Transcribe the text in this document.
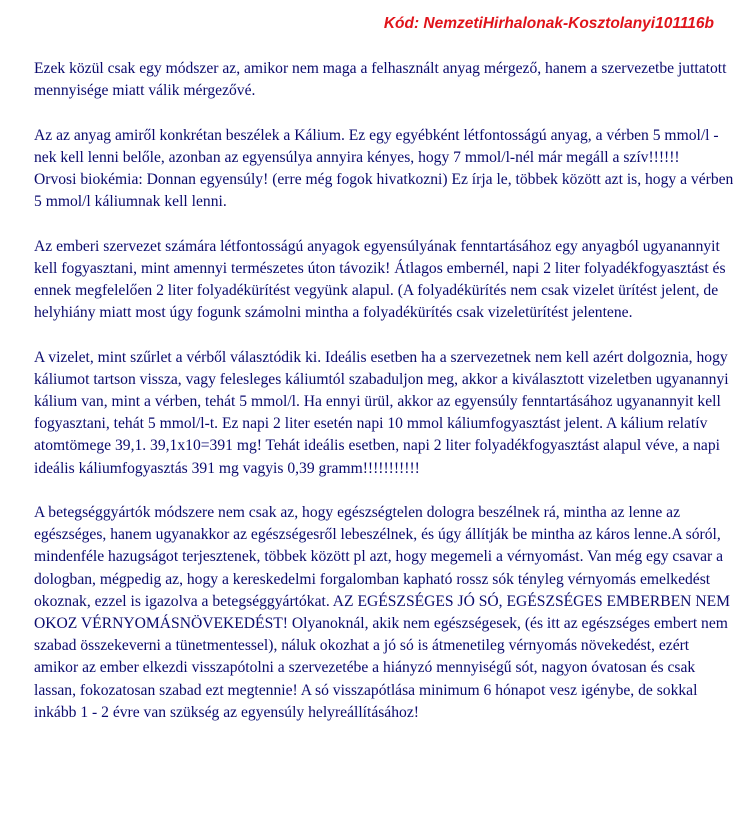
Kód: NemzetiHirhalonak-Kosztolanyi101116b

Ezek közül csak egy módszer az, amikor nem maga a felhasznált anyag mérgező, hanem a szervezetbe juttatott mennyisége miatt válik mérgezővé.

Az az anyag amiről konkrétan beszélek a Kálium. Ez egy egyébként létfontosságú anyag, a vérben 5 mmol/l -nek kell lenni belőle, azonban az egyensúlya annyira kényes, hogy 7 mmol/l-nél már megáll a szív!!!!!!

Orvosi biokémia: Donnan egyensúly! (erre még fogok hivatkozni) Ez írja le, többek között azt is, hogy a vérben 5 mmol/l káliumnak kell lenni.

Az emberi szervezet számára létfontosságú anyagok egyensúlyának fenntartásához egy anyagból ugyanannyit kell fogyasztani, mint amennyi természetes úton távozik! Átlagos embernél, napi 2 liter folyadékfogyasztást és ennek megfelelően 2 liter folyadékürítést vegyünk alapul. (A folyadékürítés nem csak vizelet ürítést jelent, de helyhiány miatt most úgy fogunk számolni mintha a folyadékürítés csak vizeletürítést jelentene.

A vizelet, mint szűrlet a vérből választódik ki. Ideális esetben ha a szervezetnek nem kell azért dolgoznia, hogy káliumot tartson vissza, vagy felesleges káliumtól szabaduljon meg, akkor a kiválasztott vizeletben ugyanannyi kálium van, mint a vérben, tehát 5 mmol/l. Ha ennyi ürül, akkor az egyensúly fenntartásához ugyanannyit kell fogyasztani, tehát 5 mmol/l-t. Ez napi 2 liter esetén napi 10 mmol káliumfogyasztást jelent. A kálium relatív atomtömege 39,1. 39,1x10=391 mg! Tehát ideális esetben, napi 2 liter folyadékfogyasztást alapul véve, a napi ideális káliumfogyasztás 391 mg vagyis 0,39 gramm!!!!!!!!!!!

A betegséggyártók módszere nem csak az, hogy egészségtelen dologra beszélnek rá, mintha az lenne az egészséges, hanem ugyanakkor az egészségesről lebeszélnek, és úgy állítják be mintha az káros lenne.A sóról, mindenféle hazugságot terjesztenek, többek között pl azt, hogy megemeli a vérnyomást. Van még egy csavar a dologban, mégpedig az, hogy a kereskedelmi forgalomban kapható rossz sók tényleg vérnyomás emelkedést okoznak, ezzel is igazolva a betegséggyártókat. AZ EGÉSZSÉGES JÓ SÓ, EGÉSZSÉGES EMBERBEN NEM OKOZ VÉRNYOMÁSNÖVEKEDÉST! Olyanoknál, akik nem egészségesek, (és itt az egészséges embert nem szabad összekeverni a tünetmentessel), náluk okozhat a jó só is átmenetileg vérnyomás növekedést, ezért amikor az ember elkezdi visszapótolni a szervezetébe a hiányzó mennyiségű sót, nagyon óvatosan és csak lassan, fokozatosan szabad ezt megtennie! A só visszapótlása minimum 6 hónapot vesz igénybe, de sokkal inkább 1 - 2 évre van szükség az egyensúly helyreállításához!
